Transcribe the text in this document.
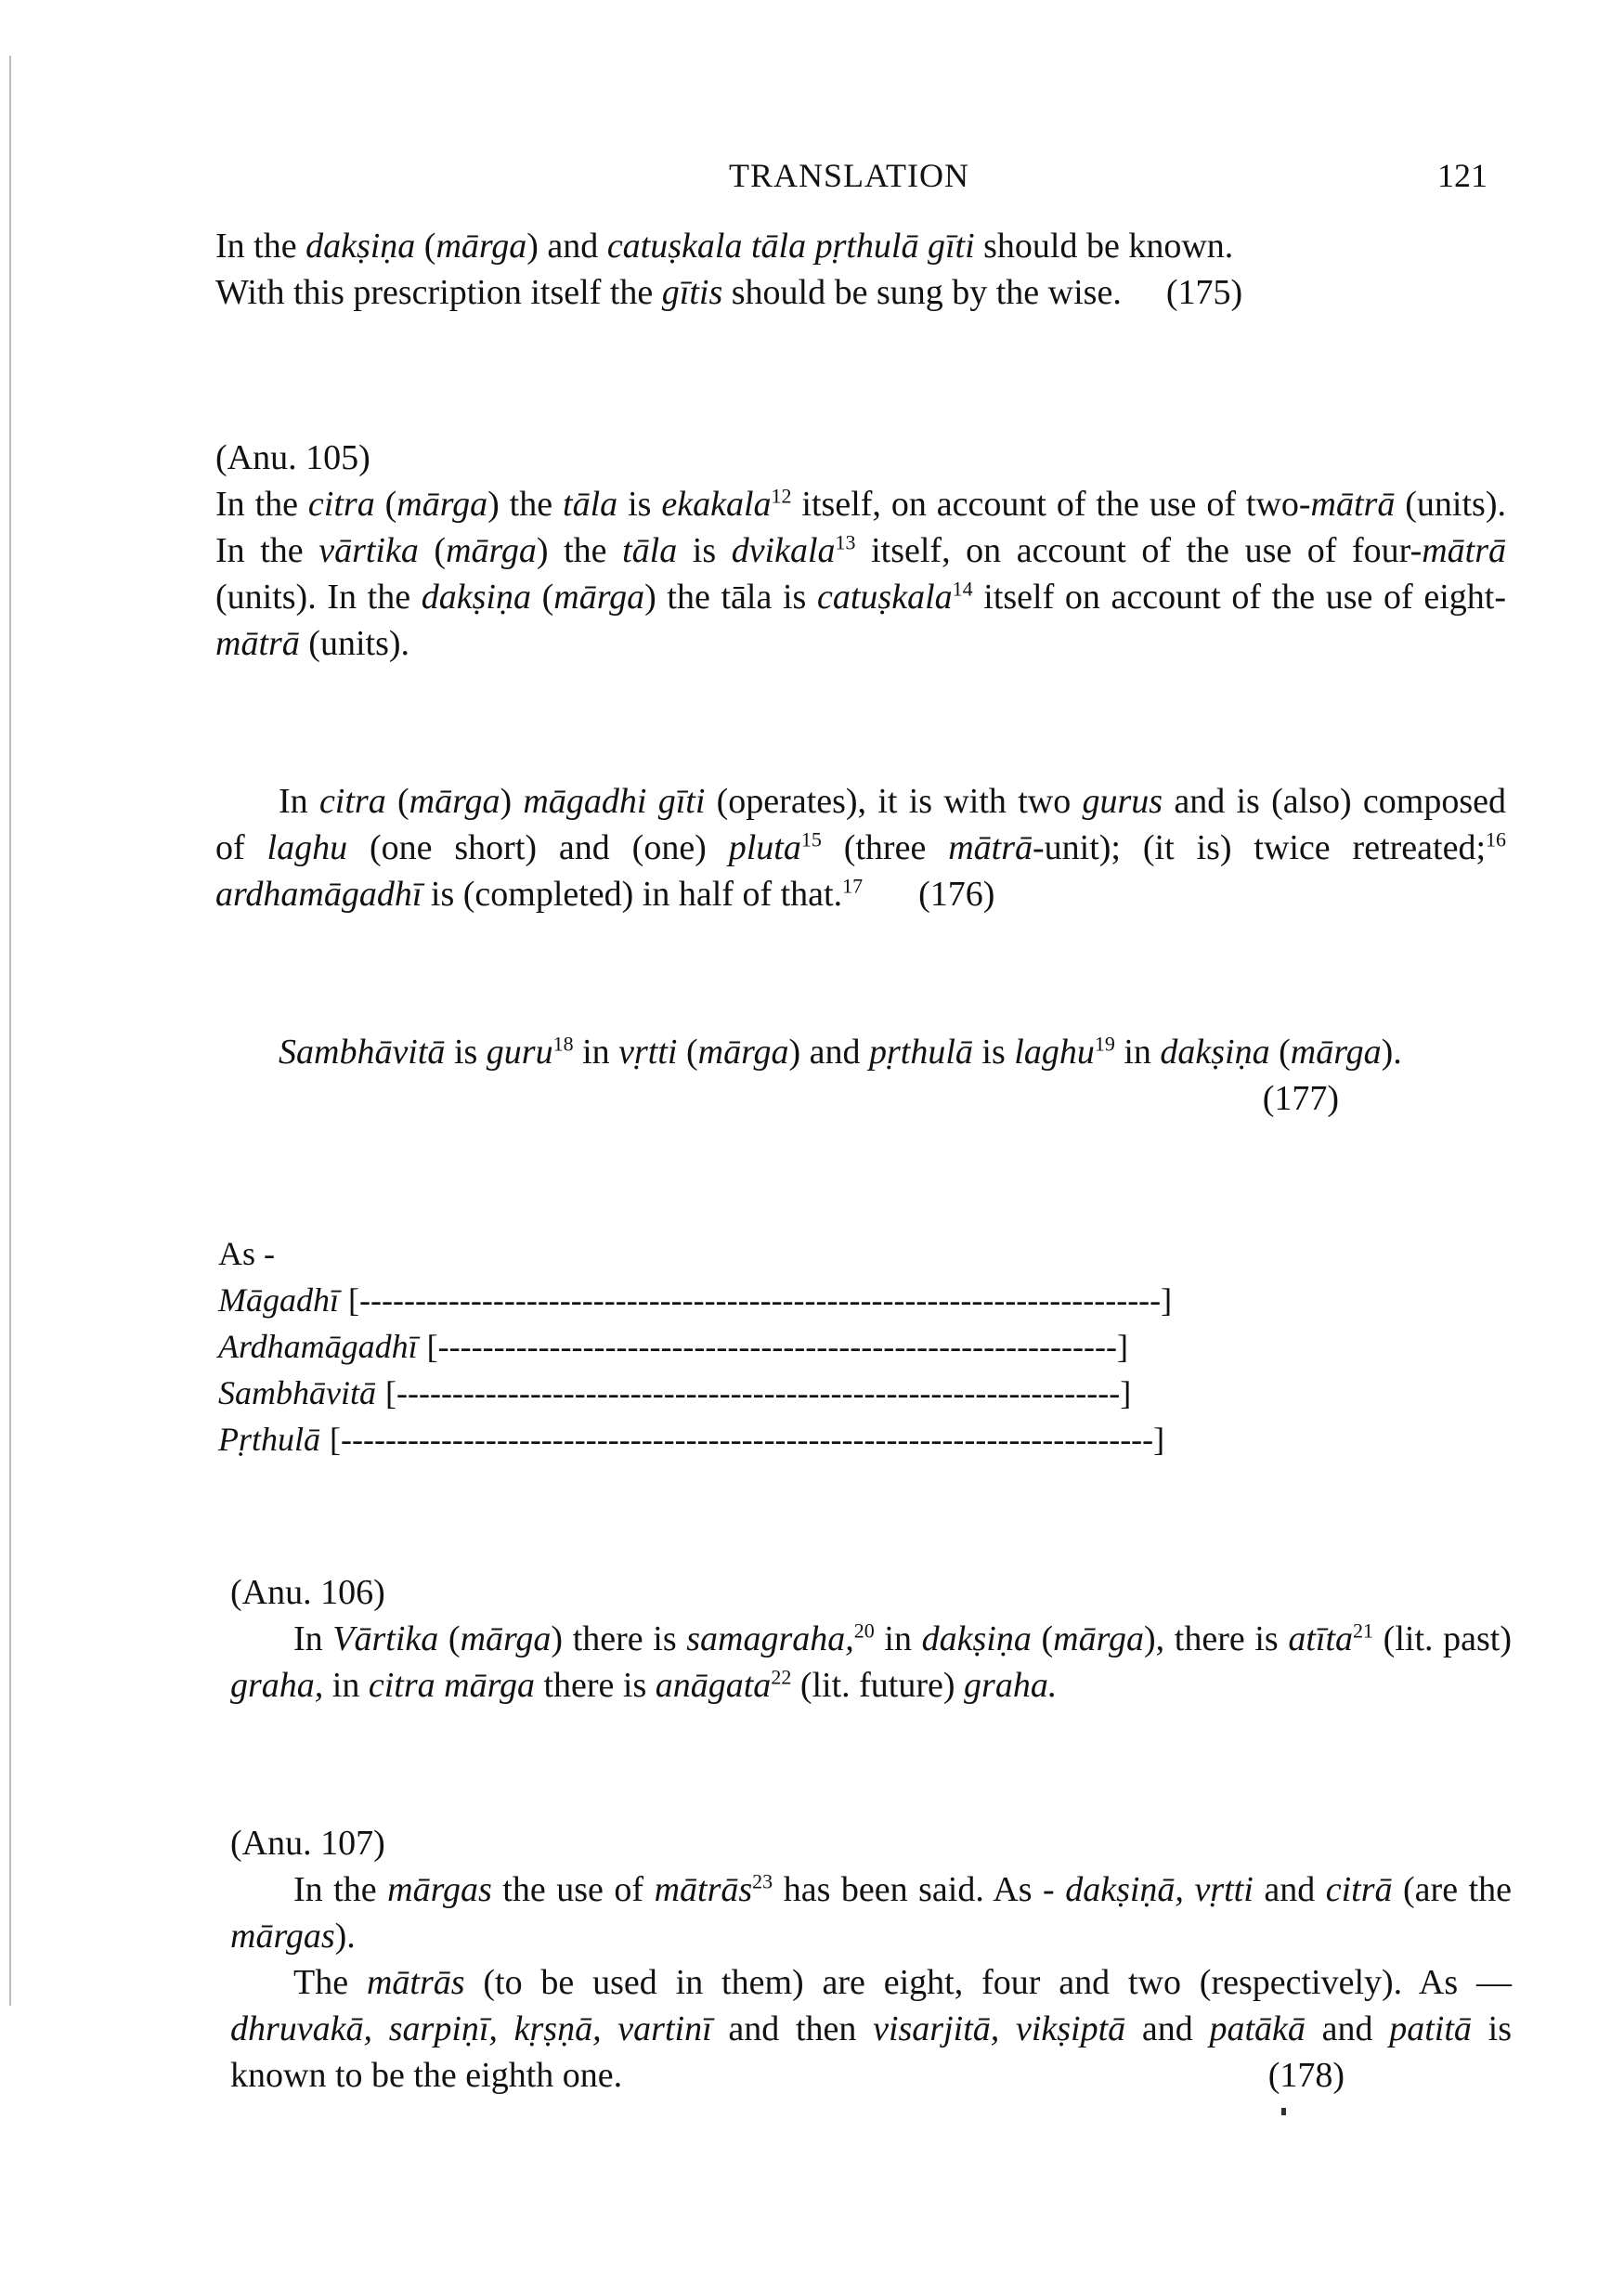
TRANSLATION	121

In the dakṣiṇa (mārga) and catuṣkala tāla pṛthulā gīti should be known.

With this prescription itself the gītis should be sung by the wise. (175)

(Anu. 105)

In the citra (mārga) the tāla is ekakala$^{12}$ itself, on account of the use of two-mātrā (units). In the vārtika (mārga) the tāla is dvikala$^{13}$ itself, on account of the use of four-mātrā (units). In the dakṣiṇa (mārga) the tāla is catuṣkala$^{14}$ itself on account of the use of eight-mātrā (units).

In citra (mārga) māgadhi gīti (operates), it is with two gurus and is (also) composed of laghu (one short) and (one) pluta$^{15}$ (three mātrā-unit); (it is) twice retreated;$^{16}$ ardhamāgadhī is (completed) in half of that.$^{17}$ (176)

Sambhāvitā is guru$^{18}$ in vṛtti (mārga) and pṛthulā is laghu$^{19}$ in dakṣiṇa (mārga).
(177)

As -
Māgadhī [------------------------------------------------------------------------]
Ardhamāgadhī [-------------------------------------------------------------]
Sambhāvitā [-----------------------------------------------------------------]
Pṛthulā [-------------------------------------------------------------------------]
(Anu. 106)

In Vārtika (mārga) there is samagraha,$^{20}$ in dakṣiṇa (mārga), there is atīta$^{21}$ (lit. past) graha, in citra mārga there is anāgata$^{22}$ (lit. future) graha.

(Anu. 107)

In the mārgas the use of mātrās$^{23}$ has been said. As - dakṣiṇā, vṛtti and citrā (are the mārgas).

The mātrās (to be used in them) are eight, four and two (respectively). As — dhruvakā, sarpiṇī, kṛṣṇā, vartinī and then visarjitā, vikṣiptā and patākā and patitā is known to be the eighth one.	(178)
